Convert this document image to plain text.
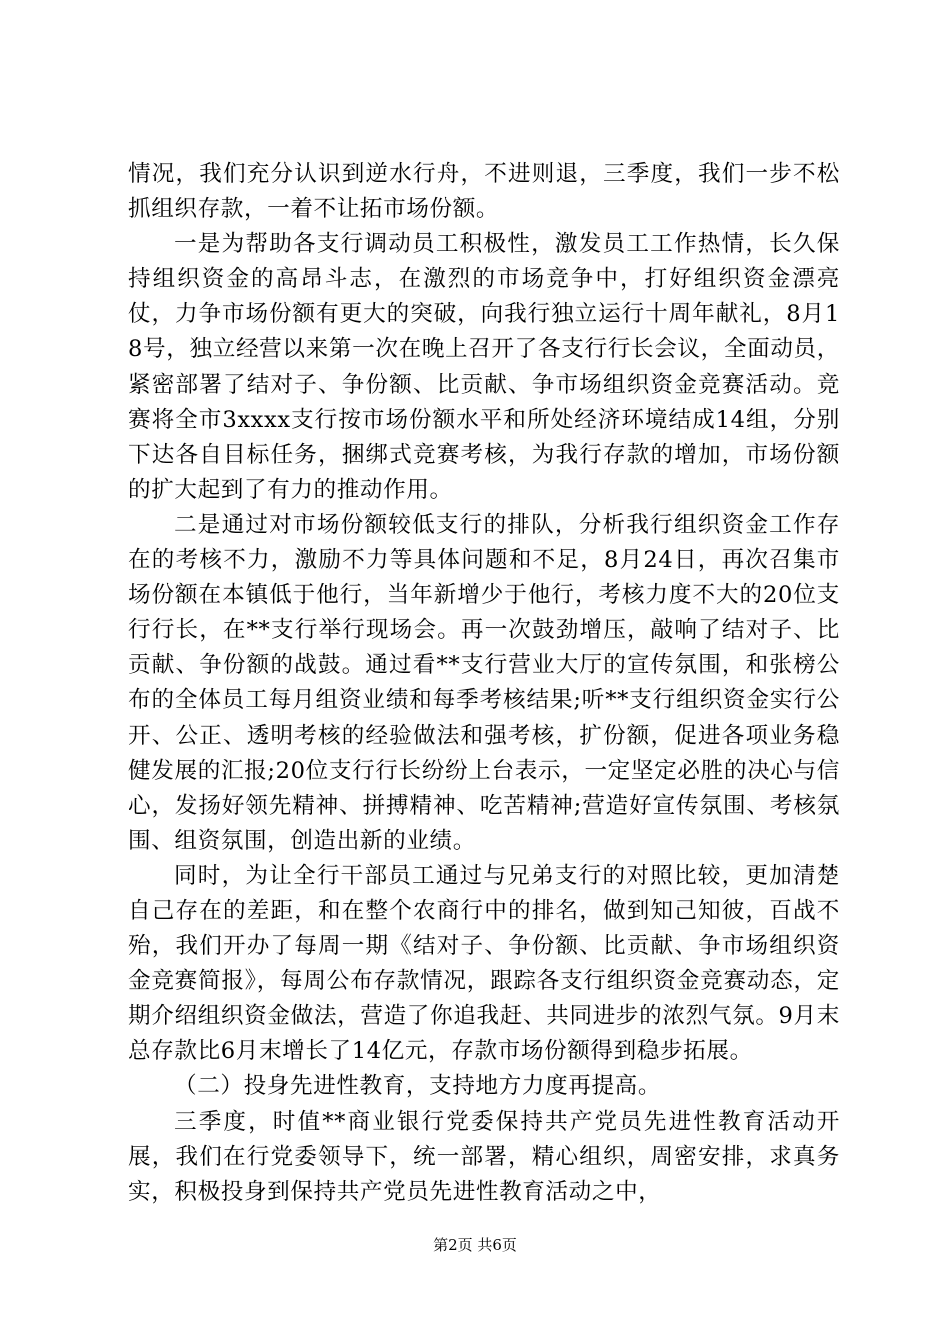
情况，我们充分认识到逆水行舟，不进则退，三季度，我们一步不松抓组织存款，一着不让拓市场份额。

一是为帮助各支行调动员工积极性，激发员工工作热情，长久保持组织资金的高昂斗志，在激烈的市场竞争中，打好组织资金漂亮仗，力争市场份额有更大的突破，向我行独立运行十周年献礼，8月18号，独立经营以来第一次在晚上召开了各支行行长会议，全面动员，紧密部署了结对子、争份额、比贡献、争市场组织资金竞赛活动。竞赛将全市3xxxx支行按市场份额水平和所处经济环境结成14组，分别下达各自目标任务，捆绑式竞赛考核，为我行存款的增加，市场份额的扩大起到了有力的推动作用。

二是通过对市场份额较低支行的排队，分析我行组织资金工作存在的考核不力，激励不力等具体问题和不足，8月24日，再次召集市场份额在本镇低于他行，当年新增少于他行，考核力度不大的20位支行行长，在**支行举行现场会。再一次鼓劲增压，敲响了结对子、比贡献、争份额的战鼓。通过看**支行营业大厅的宣传氛围，和张榜公布的全体员工每月组资业绩和每季考核结果;听**支行组织资金实行公开、公正、透明考核的经验做法和强考核，扩份额，促进各项业务稳健发展的汇报;20位支行行长纷纷上台表示，一定坚定必胜的决心与信心，发扬好领先精神、拼搏精神、吃苦精神;营造好宣传氛围、考核氛围、组资氛围，创造出新的业绩。

同时，为让全行干部员工通过与兄弟支行的对照比较，更加清楚自己存在的差距，和在整个农商行中的排名，做到知己知彼，百战不殆，我们开办了每周一期《结对子、争份额、比贡献、争市场组织资金竞赛简报》，每周公布存款情况，跟踪各支行组织资金竞赛动态，定期介绍组织资金做法，营造了你追我赶、共同进步的浓烈气氛。9月末总存款比6月末增长了14亿元，存款市场份额得到稳步拓展。

（二）投身先进性教育，支持地方力度再提高。

三季度，时值**商业银行党委保持共产党员先进性教育活动开展，我们在行党委领导下，统一部署，精心组织，周密安排，求真务实，积极投身到保持共产党员先进性教育活动之中，

第2页 共6页
